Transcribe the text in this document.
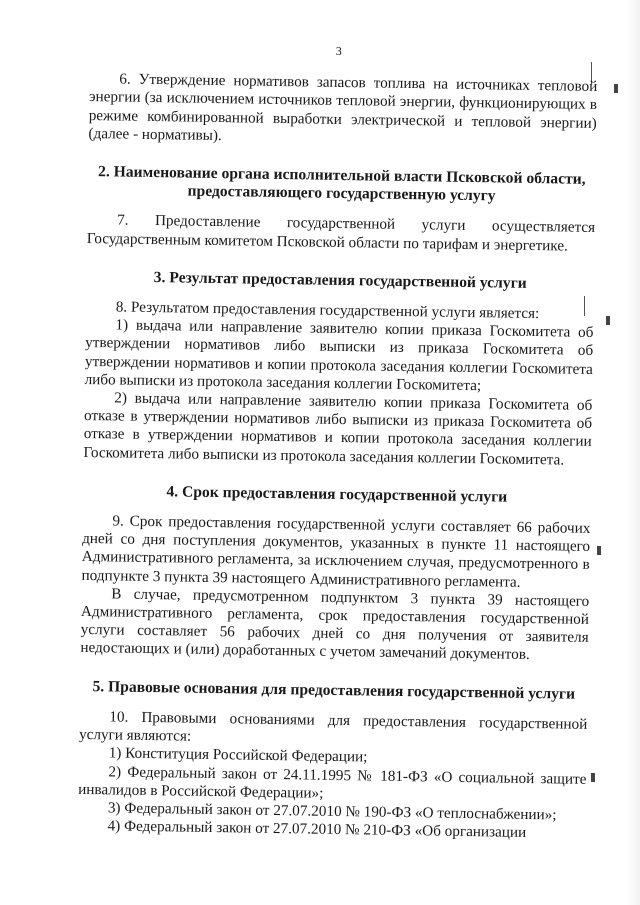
3

6. Утверждение нормативов запасов топлива на источниках тепловой энергии (за исключением источников тепловой энергии, функционирующих в режиме комбинированной выработки электрической и тепловой энергии) (далее - нормативы).

2. Наименование органа исполнительной власти Псковской области, предоставляющего государственную услугу

7. Предоставление государственной услуги осуществляется Государственным комитетом Псковской области по тарифам и энергетике.

3. Результат предоставления государственной услуги

8. Результатом предоставления государственной услуги является:

1) выдача или направление заявителю копии приказа Госкомитета об утверждении нормативов либо выписки из приказа Госкомитета об утверждении нормативов и копии протокола заседания коллегии Госкомитета либо выписки из протокола заседания коллегии Госкомитета;

2) выдача или направление заявителю копии приказа Госкомитета об отказе в утверждении нормативов либо выписки из приказа Госкомитета об отказе в утверждении нормативов и копии протокола заседания коллегии Госкомитета либо выписки из протокола заседания коллегии Госкомитета.

4. Срок предоставления государственной услуги

9. Срок предоставления государственной услуги составляет 66 рабочих дней со дня поступления документов, указанных в пункте 11 настоящего Административного регламента, за исключением случая, предусмотренного в подпункте 3 пункта 39 настоящего Административного регламента.

В случае, предусмотренном подпунктом 3 пункта 39 настоящего Административного регламента, срок предоставления государственной услуги составляет 56 рабочих дней со дня получения от заявителя недостающих и (или) доработанных с учетом замечаний документов.

5. Правовые основания для предоставления государственной услуги

10. Правовыми основаниями для предоставления государственной услуги являются:

1) Конституция Российской Федерации;

2) Федеральный закон от 24.11.1995 № 181-ФЗ «О социальной защите инвалидов в Российской Федерации»;

3) Федеральный закон от 27.07.2010 № 190-ФЗ «О теплоснабжении»;

4) Федеральный закон от 27.07.2010 № 210-ФЗ «Об организации
